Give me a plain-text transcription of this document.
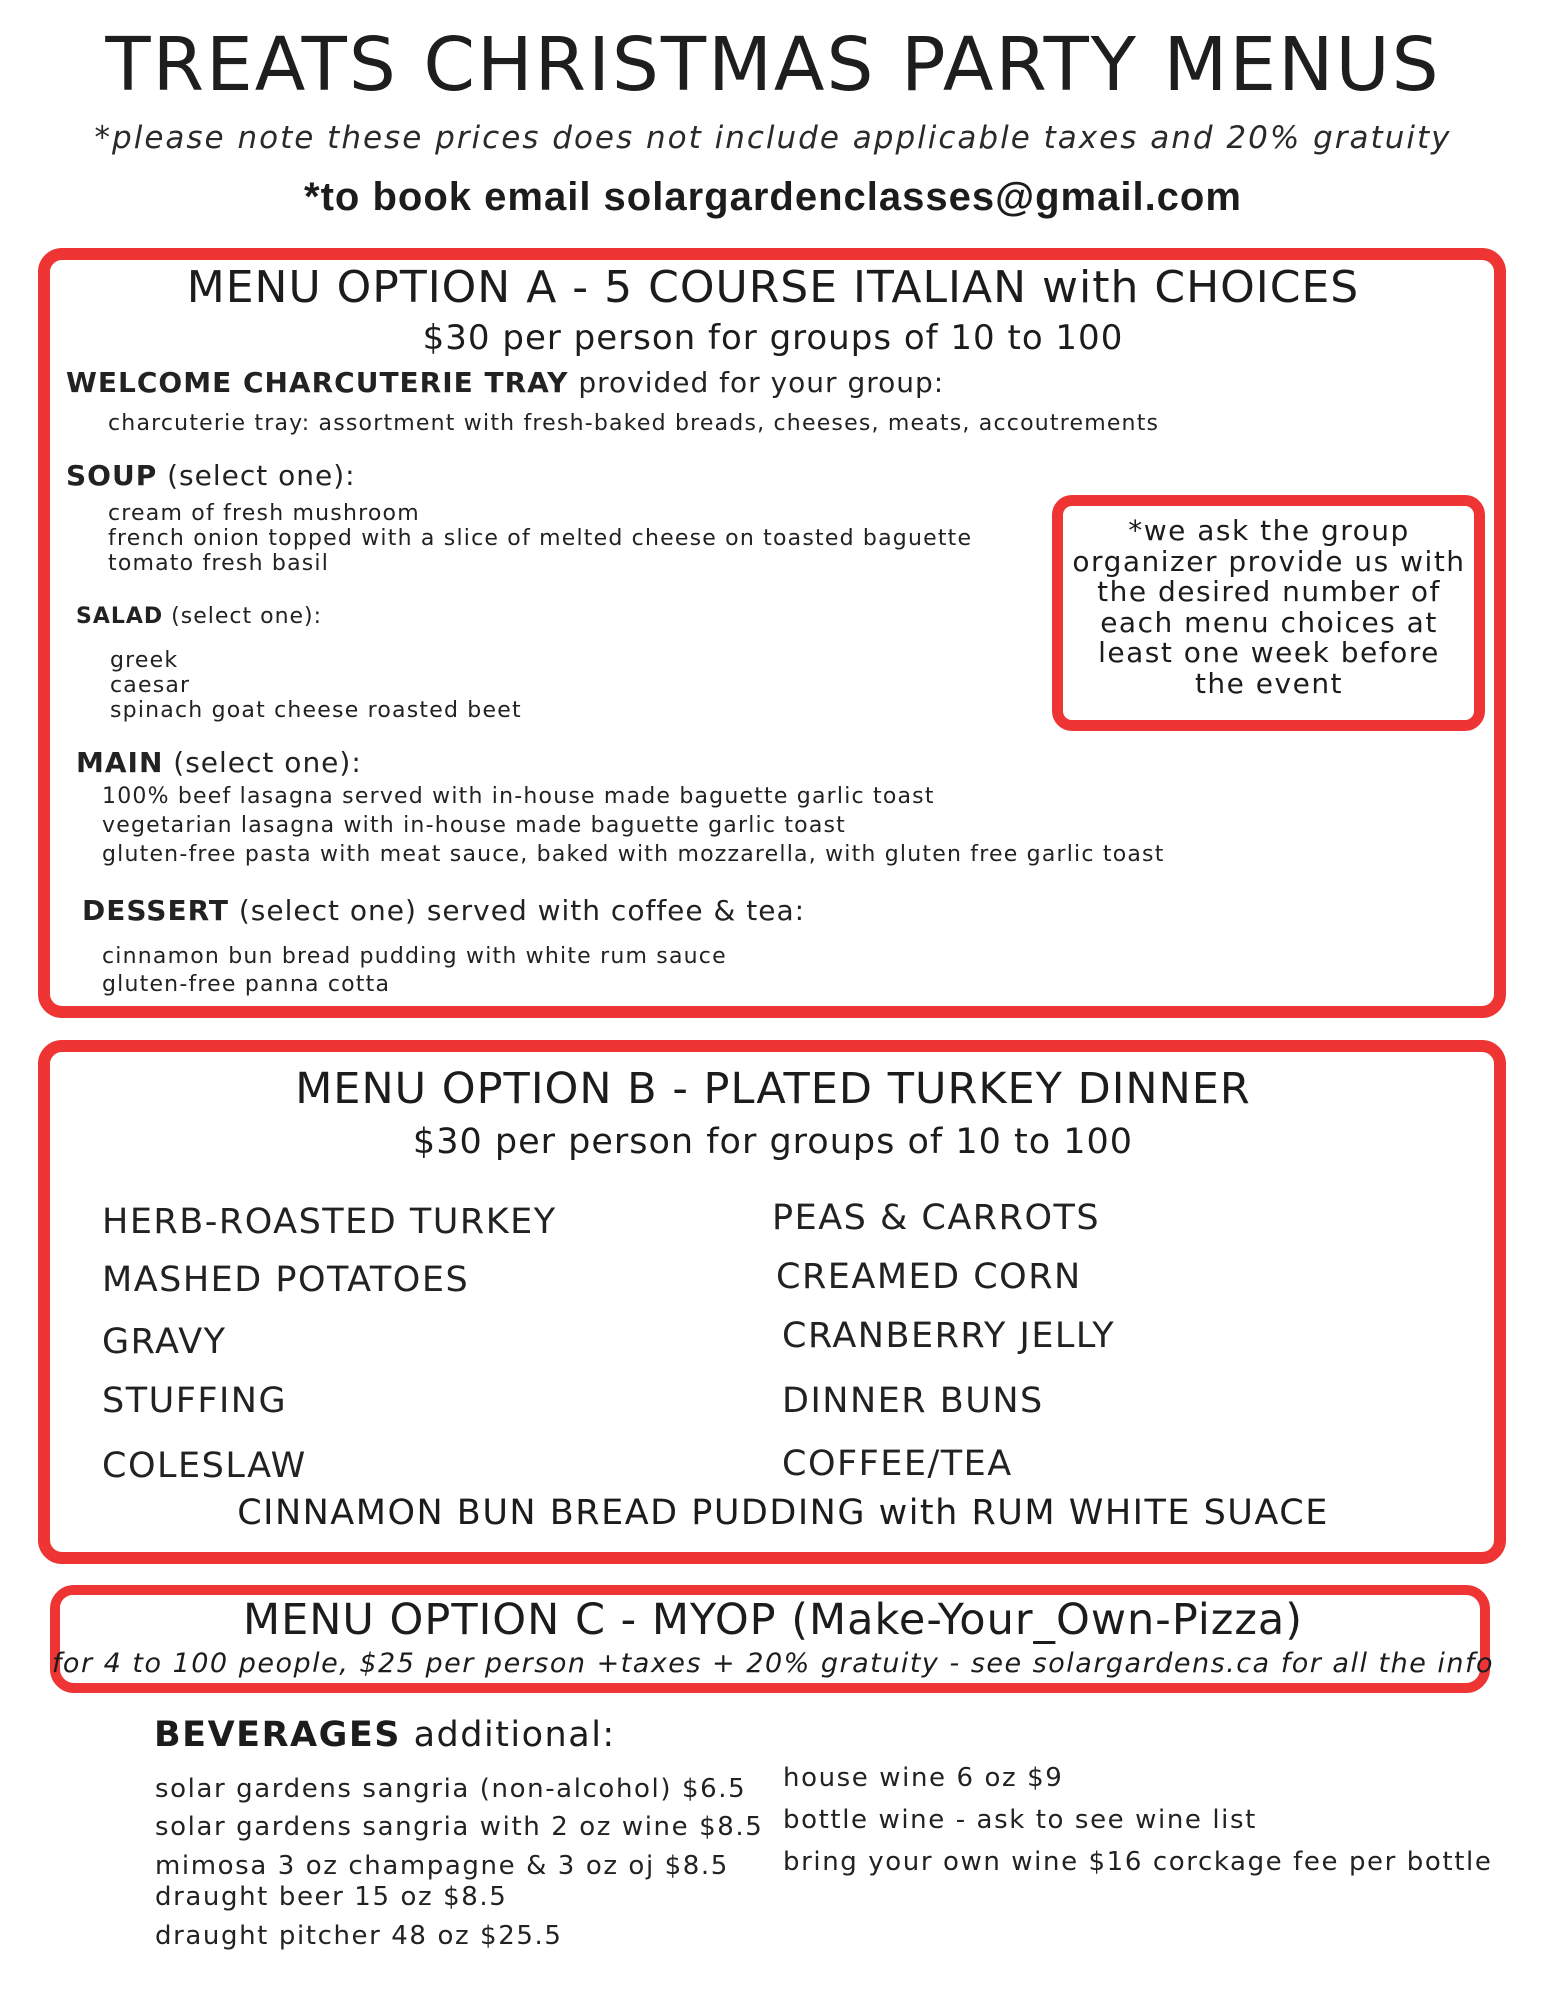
TREATS CHRISTMAS PARTY MENUS
*please note these prices does not include applicable taxes and 20% gratuity
*to book email solargardenclasses@gmail.com
MENU OPTION A - 5 COURSE ITALIAN with CHOICES
$30 per person for groups of 10 to 100
WELCOME CHARCUTERIE TRAY provided for your group:
charcuterie tray: assortment with fresh-baked breads, cheeses, meats, accoutrements
SOUP (select one):
cream of fresh mushroom
french onion topped with a slice of melted cheese on toasted baguette
tomato fresh basil
SALAD (select one):
greek
caesar
spinach goat cheese roasted beet
MAIN (select one):
100% beef lasagna served with in-house made baguette garlic toast
vegetarian lasagna with in-house made baguette garlic toast
gluten-free pasta with meat sauce, baked with mozzarella, with gluten free garlic toast
DESSERT (select one) served with coffee & tea:
cinnamon bun bread pudding with white rum sauce
gluten-free panna cotta
*we ask the group organizer provide us with the desired number of each menu choices at least one week before the event
MENU OPTION B - PLATED TURKEY DINNER
$30 per person for groups of 10 to 100
HERB-ROASTED TURKEY
MASHED POTATOES
GRAVY
STUFFING
COLESLAW
PEAS & CARROTS
CREAMED CORN
CRANBERRY JELLY
DINNER BUNS
COFFEE/TEA
CINNAMON BUN BREAD PUDDING with RUM WHITE SUACE
MENU OPTION C - MYOP (Make-Your_Own-Pizza)
for 4 to 100 people, $25 per person +taxes + 20% gratuity - see solargardens.ca for all the info
BEVERAGES additional:
solar gardens sangria (non-alcohol) $6.5
solar gardens sangria with 2 oz wine $8.5
mimosa 3 oz champagne & 3 oz oj $8.5
draught beer 15 oz $8.5
draught pitcher 48 oz $25.5
house wine 6 oz $9
bottle wine - ask to see wine list
bring your own wine $16 corckage fee per bottle
